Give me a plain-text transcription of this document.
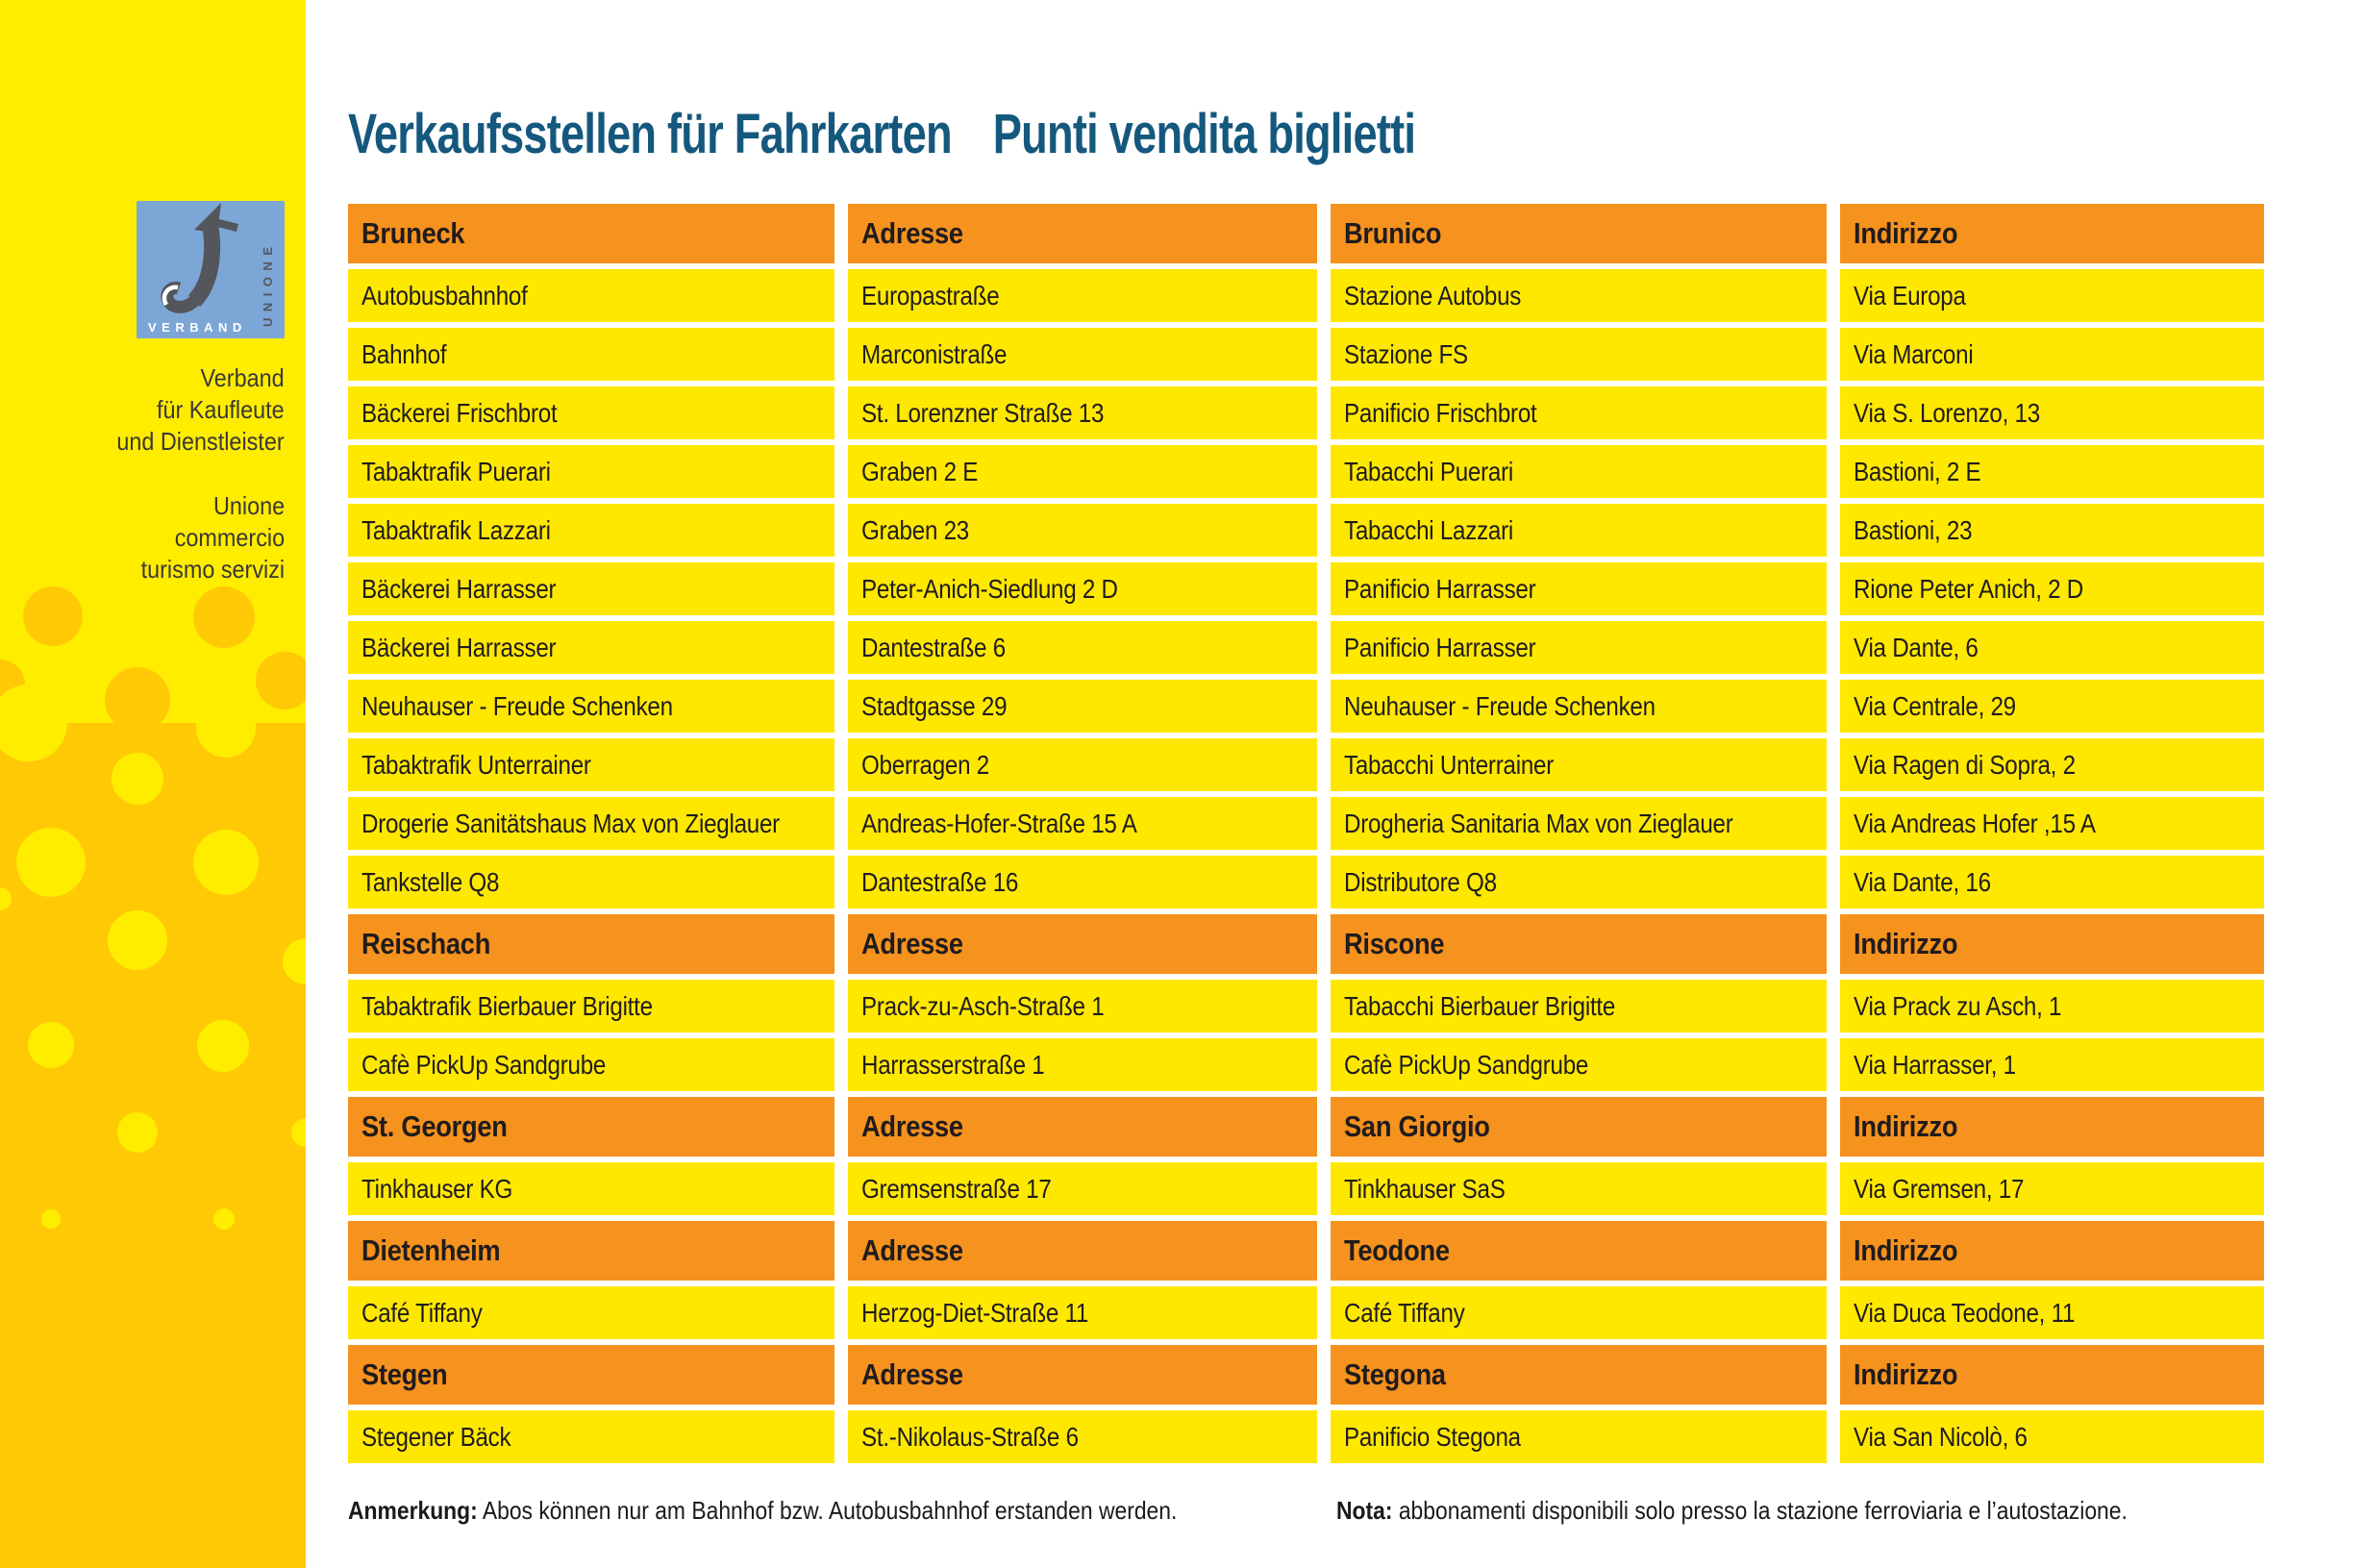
VERBAND
UNIONE
Verband
für Kaufleute
und Dienstleister
Unione
commercio
turismo servizi
Verkaufsstellen für Fahrkarten Punti vendita biglietti
Bruneck	Adresse	Brunico	Indirizzo
Autobusbahnhof	Europastraße	Stazione Autobus	Via Europa
Bahnhof	Marconistraße	Stazione FS	Via Marconi
Bäckerei Frischbrot	St. Lorenzner Straße 13	Panificio Frischbrot	Via S. Lorenzo, 13
Tabaktrafik Puerari	Graben 2 E	Tabacchi Puerari	Bastioni, 2 E
Tabaktrafik Lazzari	Graben 23	Tabacchi Lazzari	Bastioni, 23
Bäckerei Harrasser	Peter-Anich-Siedlung 2 D	Panificio Harrasser	Rione Peter Anich, 2 D
Bäckerei Harrasser	Dantestraße 6	Panificio Harrasser	Via Dante, 6
Neuhauser - Freude Schenken	Stadtgasse 29	Neuhauser - Freude Schenken	Via Centrale, 29
Tabaktrafik Unterrainer	Oberragen 2	Tabacchi Unterrainer	Via Ragen di Sopra, 2
Drogerie Sanitätshaus Max von Zieglauer	Andreas-Hofer-Straße 15 A	Drogheria Sanitaria Max von Zieglauer	Via Andreas Hofer ,15 A
Tankstelle Q8	Dantestraße 16	Distributore Q8	Via Dante, 16
Reischach	Adresse	Riscone	Indirizzo
Tabaktrafik Bierbauer Brigitte	Prack-zu-Asch-Straße 1	Tabacchi Bierbauer Brigitte	Via Prack zu Asch, 1
Cafè PickUp Sandgrube	Harrasserstraße 1	Cafè PickUp Sandgrube	Via Harrasser, 1
St. Georgen	Adresse	San Giorgio	Indirizzo
Tinkhauser KG	Gremsenstraße 17	Tinkhauser SaS	Via Gremsen, 17
Dietenheim	Adresse	Teodone	Indirizzo
Café Tiffany	Herzog-Diet-Straße 11	Café Tiffany	Via Duca Teodone, 11
Stegen	Adresse	Stegona	Indirizzo
Stegener Bäck	St.-Nikolaus-Straße 6	Panificio Stegona	Via San Nicolò, 6
Anmerkung: Abos können nur am Bahnhof bzw. Autobusbahnhof erstanden werden.	Nota: abbonamenti disponibili solo presso la stazione ferroviaria e l’autostazione.
